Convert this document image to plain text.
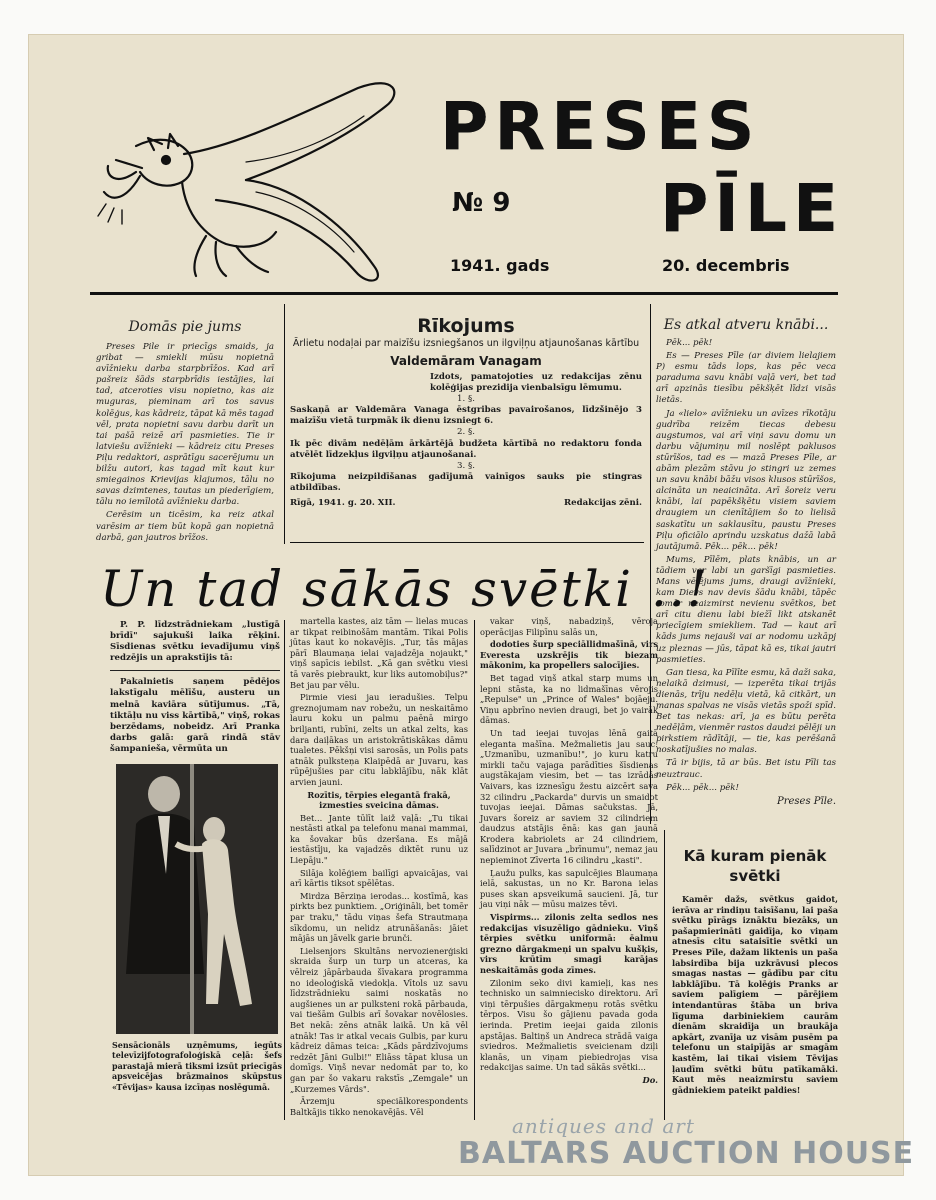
PRESES
PĪLE
№ 9
1941. gads	20. decembris
Domās pie jums

Preses Pile ir priecīgs smaids, ja gribat — smiekli mūsu nopietnā avīžnieku darba starpbrīžos. Kad arī pašreiz šāds starpbrīdis iestājies, lai tad, atceroties visu nopietno, kas aiz muguras, pieminam arī tos savus kolēģus, kas kādreiz, tāpat kā mēs tagad vēl, prata nopietni savu darbu darīt un tai pašā reizē arī pasmieties. Tie ir latviešu avīžnieki — kādreiz citu Preses Piļu redaktori, asprātīgu sacerējumu un bilžu autori, kas tagad mīt kaut kur smiegainos Krievijas klajumos, tālu no savas dzimtenes, tautas un piederīgiem, tālu no iemīlotā avīžnieku darba.

Cerēsim un ticēsim, ka reiz atkal varēsim ar tiem būt kopā gan nopietnā darbā, gan jautros brīžos.

Rīkojums
Ārlietu nodaļai par maizīšu izsniegšanos un ilgviļņu atjaunošanas kārtību
Valdemāram Vanagam
Izdots, pamatojoties uz redakcijas zēnu kolēģijas prezidija vienbalsīgu lēmumu.
1. §.
Saskaņā ar Valdemāra Vanaga ēstgribas pavairošanos, līdzšinējo 3 maizīšu vietā turpmāk ik dienu izsniegt 6.
2. §.
Ik pēc divām nedēļām ārkārtējā budžeta kārtībā no redaktoru fonda atvēlēt līdzekļus ilgviļņu atjaunošanai.
3. §.
Rīkojuma neizpildīšanas gadījumā vainīgos sauks pie stingras atbildības.
Rīgā, 1941. g. 20. XII.	Redakcijas zēni.
Es atkal atveru knābi...

Pēk... pēk!

Es — Preses Pīle (ar diviem lielajiem P) esmu tāds lops, kas pēc veca paraduma savu knābi vaļā veri, bet tad arī apzinās tiesību pēkšķēt līdzi visās lietās.

Ja «lielo» avīžnieku un avīzes rīkotāju gudrība reizēm tiecas debesu augstumos, vai arī viņi savu domu un darbu vājumiņu mil noslēpt paklusos stūrīšos, tad es — mazā Preses Pīle, ar abām plezām stāvu jo stingri uz zemes un savu knābi bāžu visos klusos stūrīšos, alcināta un neaicināta. Arī šoreiz veru knābi, lai papēkšķētu visiem saviem draugiem un cienītājiem šo to lielisā saskatītu un saklausītu, paustu Preses Piļu oficiālo aprindu uzskatus dažā labā jautājumā. Pēk... pēk... pēk!

Mums, Pīlēm, plats knābis, un ar tādiem var labi un garšīgi pasmieties. Mans vēlējums jums, draugi avīžnieki, kam Dievs nav devis šādu knābi, tāpēc tomēr neaizmirst nevienu svētkos, bet arī citu dienu labi biežī likt atskanēt priecīgiem smiekliem. Tad — kaut arī kāds jums nejauši vai ar nodomu uzkāpj uz pleznas — jūs, tāpat kā es, tikai jautri pasmieties.

Gan tiesa, ka Pīlīte esmu, kā daži saka, nelaikā dzimusi, — izperēta tikai trijās dienās, trīju nedēļu vietā, kā citkārt, un manas spalvas ne visās vietās spoži spīd. Bet tas nekas: arī, ja es būtu perēta nedēļām, vienmēr rastos daudzi pēlēji un pirkstiem rādītāji, — tie, kas perēšanā noskatījušies no malas.

Tā ir bijis, tā ar būs. Bet istu Pīli tas neuztrauc.

Pēk... pēk... pēk!

Preses Pīle.
Un tad sākās svētki ..!

P. P. līdzstrādniekam „lustīgā brīdī" sajukuši laika rēķini. Sīsdienas svētku ievadījumu viņš redzējis un aprakstījis tā:

Pakalnietis saņem pēdējos lakstīgalu mēlīšu, austeru un melnā kaviāra sūtījumus. „Tā, tiktāļu nu viss kārtībā," viņš, rokas berzēdams, nobeidz. Arī Pranka darbs galā: garā rindā stāv šampanieša, vērmūta un

Sensācionāls uzņēmums, iegūts televīzijfotografoloģiskā ceļā: šefs parastajā mierā tiksmi izsūt priecīgās apsveicējas brāzmainos skūpstus «Tēvijas» kausa izcīņas noslēgumā.

martella kastes, aiz tām — lielas mucas ar tikpat reibinošām mantām. Tikai Polis jūtas kaut ko nokavējis. „Tur, tās mājas pārī Blaumaņa ielai vajadzēja nojaukt," viņš sapīcis iebilst. „Kā gan svētku viesi tā varēs piebraukt, kur liks automobiļus?" Bet jau par vēlu.

Pirmie viesi jau ieradušies. Telpu greznojumam nav robežu, un neskaitāmo lauru koku un palmu paēnā mirgo briljanti, rubīni, zelts un atkal zelts, kas dara daiļākas un aristokrātiskākas dāmu tualetes. Pēkšņi visi sarosās, un Polis pats atnāk pulksteņa Klaipēdā ar Juvaru, kas rūpējušies par citu labklājību, nāk klāt arvien jauni.

Rozītis, tērpies elegantā frakā, izmesties sveicina dāmas.

Bet... Jante tūlīt laiž vaļā: „Tu tikai nestāsti atkal pa telefonu manai mammai, ka šovakar būs dzeršana. Es mājā iestāstīju, ka vajadzēs diktēt runu uz Liepāju."

Silāja kolēģiem bailīgi apvaicājas, vai arī kārtis tiksot spēlētas.

Mirdza Bērziņa ierodas... kostīmā, kas pirkts bez punktiem. „Oriģināli, bet tomēr par traku," tādu viņas šefa Strautmaņa sīkdomu, un nelidz atrunāšanās: jāiet mājās un jāvelk garie brunči.

Lielsenjors Skultāns nervozienerģiski skraida šurp un turp un atceras, ka vēlreiz jāpārbauda šīvakara programma no ideoloģiskā viedokļa. Vītols uz savu līdzstrādnieku saimi noskatās no augšienes un ar pulksteni rokā pārbauda, vai tiešām Gulbis arī šovakar novēlosies. Bet nekā: zēns atnāk laikā. Un kā vēl atnāk! Tas ir atkal vecais Gulbis, par kuru kādreiz dāmas teica: „Kāds pārdzīvojums redzēt Jāni Gulbi!" Eliāss tāpat klusa un domīgs. Viņš nevar nedomāt par to, ko gan par šo vakaru rakstīs „Zemgale" un „Kurzemes Vārds".

Ārzemju speciālkorespondents Baltkājis tikko nenokavējās. Vēl

vakar viņš, nabadziņš, vēroja operācijas Filipīnu salās un,

dodoties šurp speciāllidmašīnā, virs Everesta uzskrējis tik biezam mākonim, ka propellers salocījies.

Bet tagad viņš atkal starp mums un lepni stāsta, ka no lidmašīnas vērojis „Repulse" un „Prince of Wales" bojāeju. Viņu apbrīno nevien draugi, bet jo vairāk dāmas.

Un tad ieejai tuvojas lēnā gaitā eleganta mašīna. Mežmalietis jau sauc: „Uzmanību, uzmanību!", jo kuru katru mirkli taču vajaga parādīties šīsdienas augstākajam viesim, bet — tas izrādās Vaivars, kas izznesīgu žestu aizcērt sava 32 cilindru „Packarda" durvis un smaidot tuvojas ieejai. Dāmas sačukstas. Jā, Juvars šoreiz ar saviem 32 cilindriem daudzus atstājis ēnā: kas gan jaunā Krodera kabriolets ar 24 cilindriem, salīdzinot ar Juvara „brīnumu", nemaz jau nepieminot Zīverta 16 cilindru „kasti".

Ļaužu pulks, kas sapulcējies Blaumaņa ielā, sakustas, un no Kr. Barona ielas puses skan apsveikumā saucieni. Jā, tur jau viņi nāk — mūsu maizes tēvi.

Vispirms... zilonis zelta sedlos nes redakcijas visuzēligo gādnieku. Viņš tērpies svētku uniformā: ēalmu grezno dārgakmeņi un spalvu kušķis, virs krūtīm smagi karājas neskaitāmās goda zīmes.

Zilonim seko divi kamieļi, kas nes technisko un saimniecisko direktoru. Arī viņi tērpušies dārgakmeņu rotās svētku tērpos. Visu šo gājienu pavada goda ierinda. Pretim ieejai gaida zilonis apstājas. Baltiņš un Andreca strādā vaiga sviedros. Mežmalietis sveicienam dziļi klanās, un viņam piebiedrojas visa redakcijas saime. Un tad sākās svētki...

Do.
Kā kuram pienāk svētki

Kamēr dažs, svētkus gaidot, ierāva ar rindiņu taisīšanu, lai paša svētku pīrāgs iznāktu biezāks, un pašapmierināti gaidīja, ko viņam atnesīs citu sataisītie svētki un Preses Pīle, dažam liktenis un paša labsirdība bija uzkrāvusi plecos smagas nastas — gādību par citu labklājību. Tā kolēģis Pranks ar saviem palīgiem — pārējiem intendantūras štāba un briva līguma darbiniekiem caurām dienām skraidīja un braukāja apkārt, zvanīja uz visām pusēm pa telefonu un staipījās ar smagām kastēm, lai tikai visiem Tēvijas ļaudīm svētki būtu patīkamāki. Kaut mēs neaizmirstu saviem gādniekiem pateikt paldies!

antiques and art
BALTARS AUCTION HOUSE
